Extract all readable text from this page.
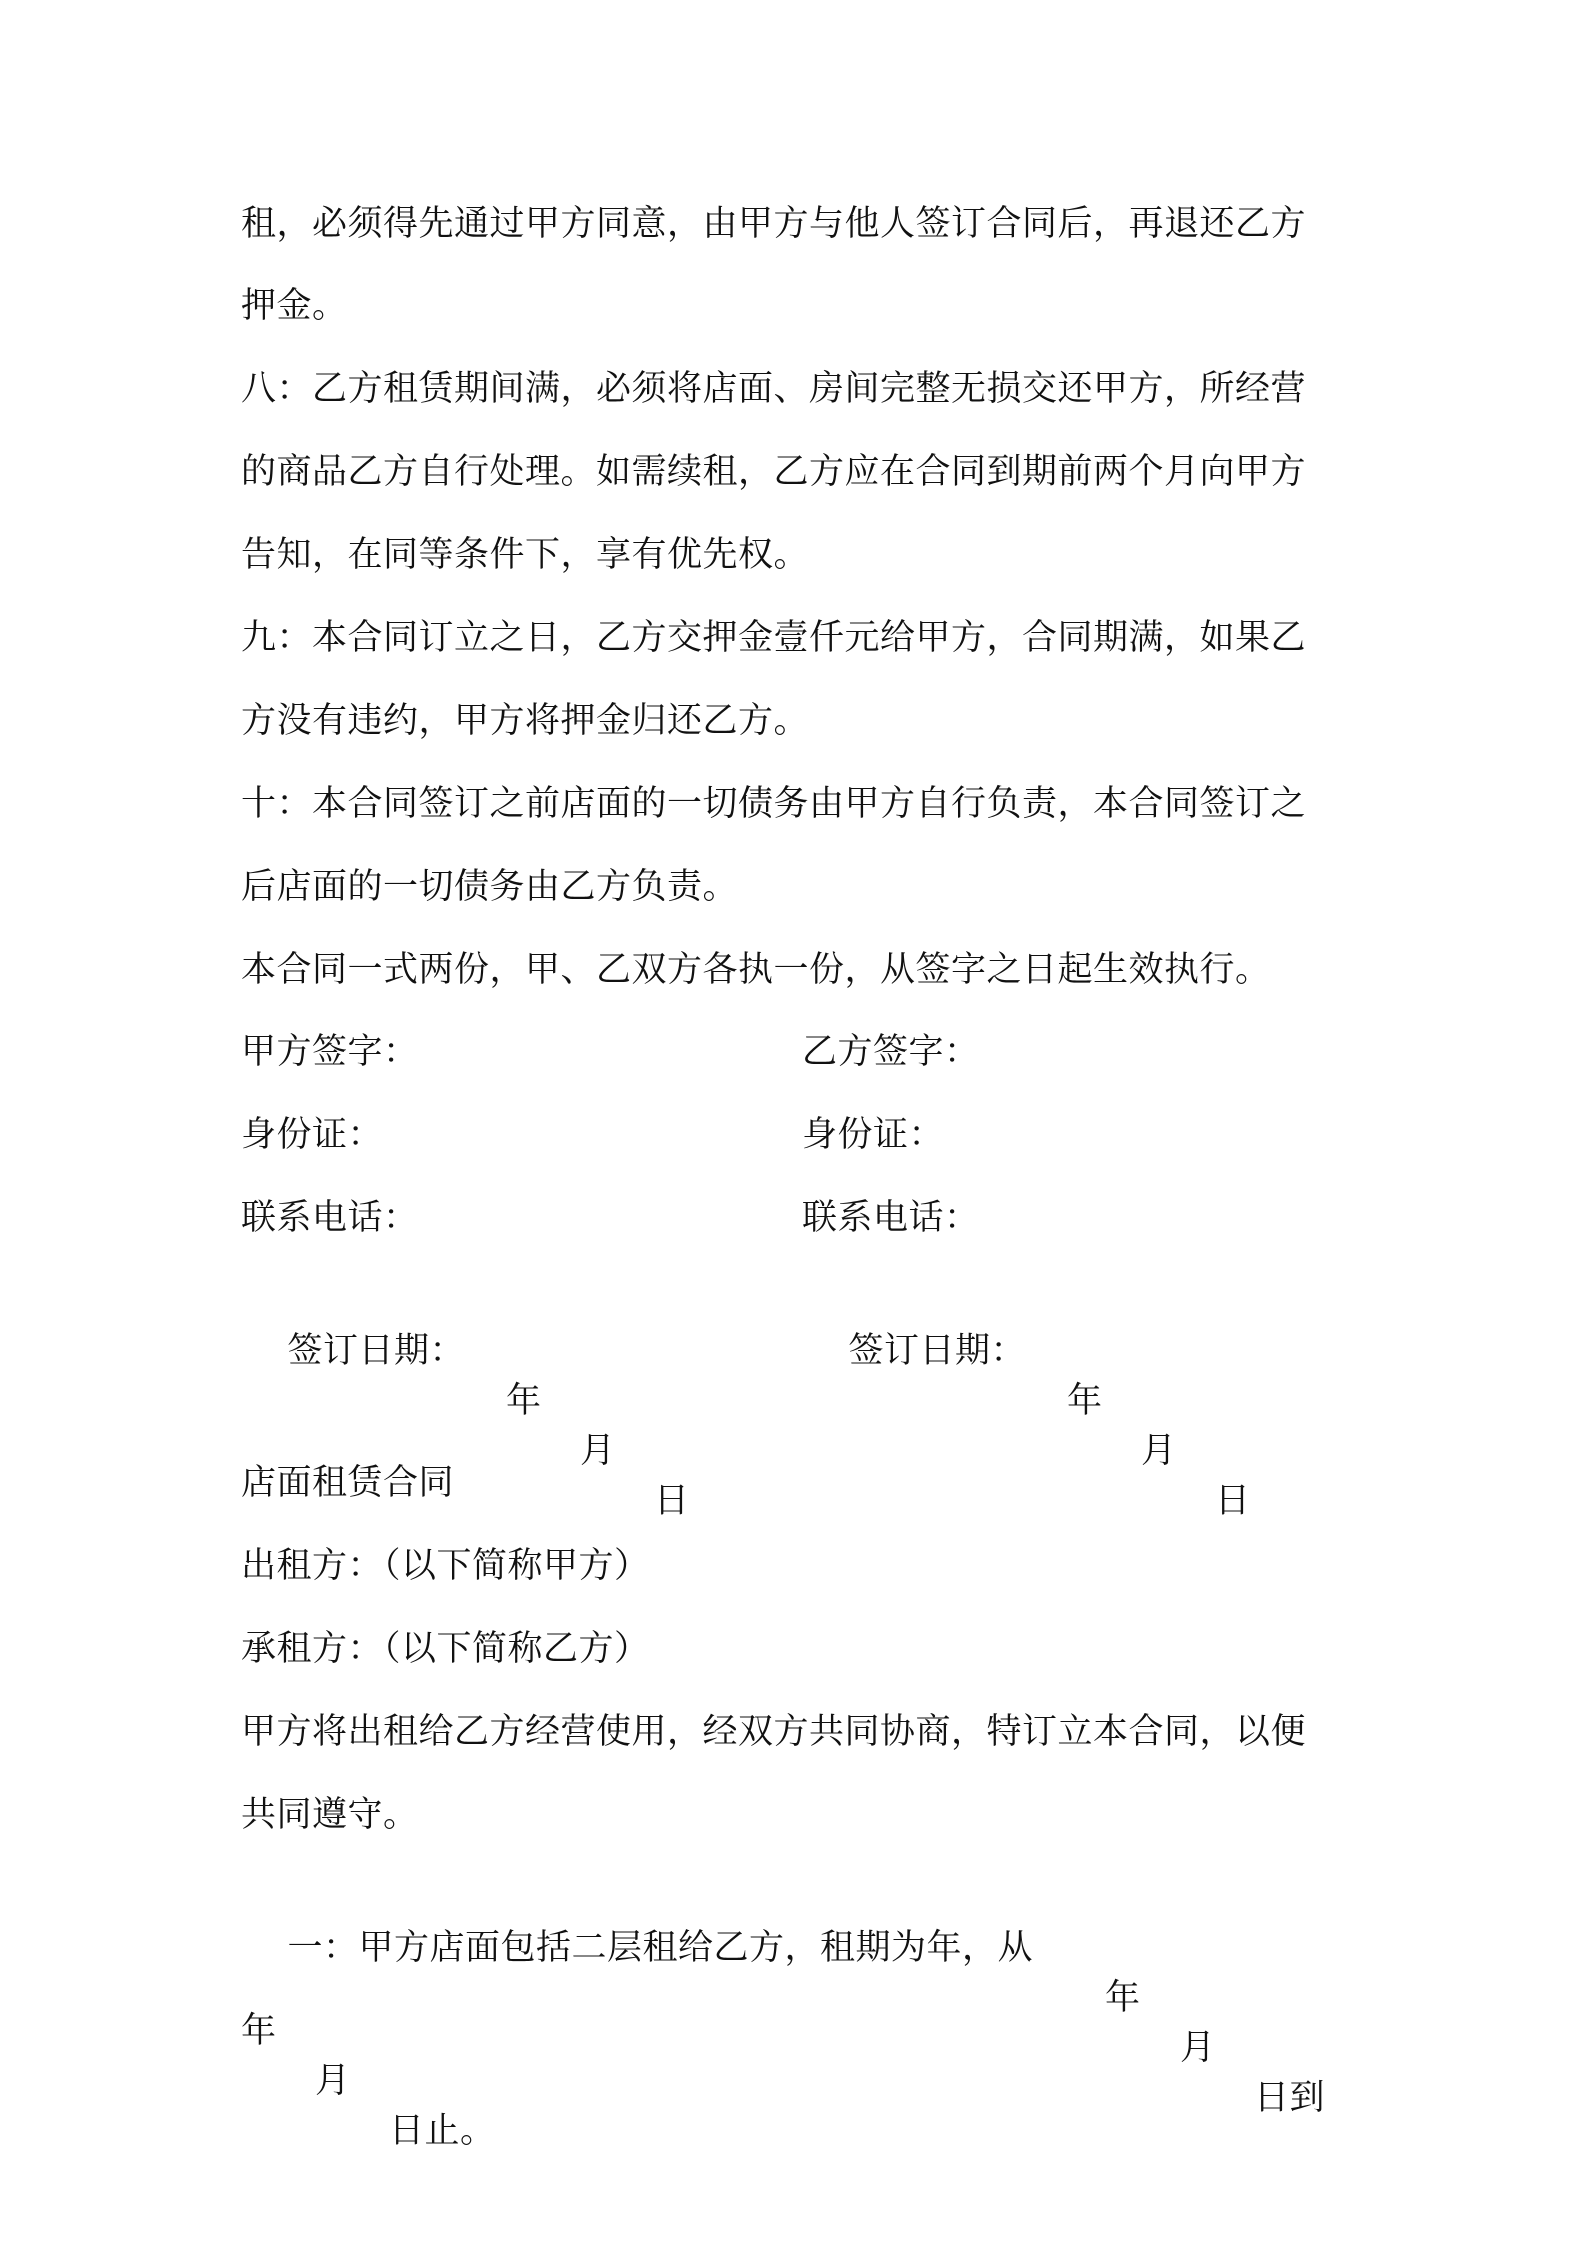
租，必须得先通过甲方同意，由甲方与他人签订合同后，再退还乙方
押金。
八：乙方租赁期间满，必须将店面、房间完整无损交还甲方，所经营
的商品乙方自行处理。如需续租，乙方应在合同到期前两个月向甲方
告知，在同等条件下，享有优先权。
九：本合同订立之日，乙方交押金壹仟元给甲方，合同期满，如果乙
方没有违约，甲方将押金归还乙方。
十：本合同签订之前店面的一切债务由甲方自行负责，本合同签订之
后店面的一切债务由乙方负责。
本合同一式两份，甲、乙双方各执一份，从签字之日起生效执行。
甲方签字：
身份证：
联系电话：

签订日期：

年

月

日

乙方签字：
身份证：
联系电话：

签订日期：

年

月

日

店面租赁合同
出租方：（以下简称甲方）
承租方：（以下简称乙方）
甲方将出租给乙方经营使用，经双方共同协商，特订立本合同，以便
共同遵守。

一：甲方店面包括二层租给乙方，租期为年，从

年

月

日到

年

月

日止。
